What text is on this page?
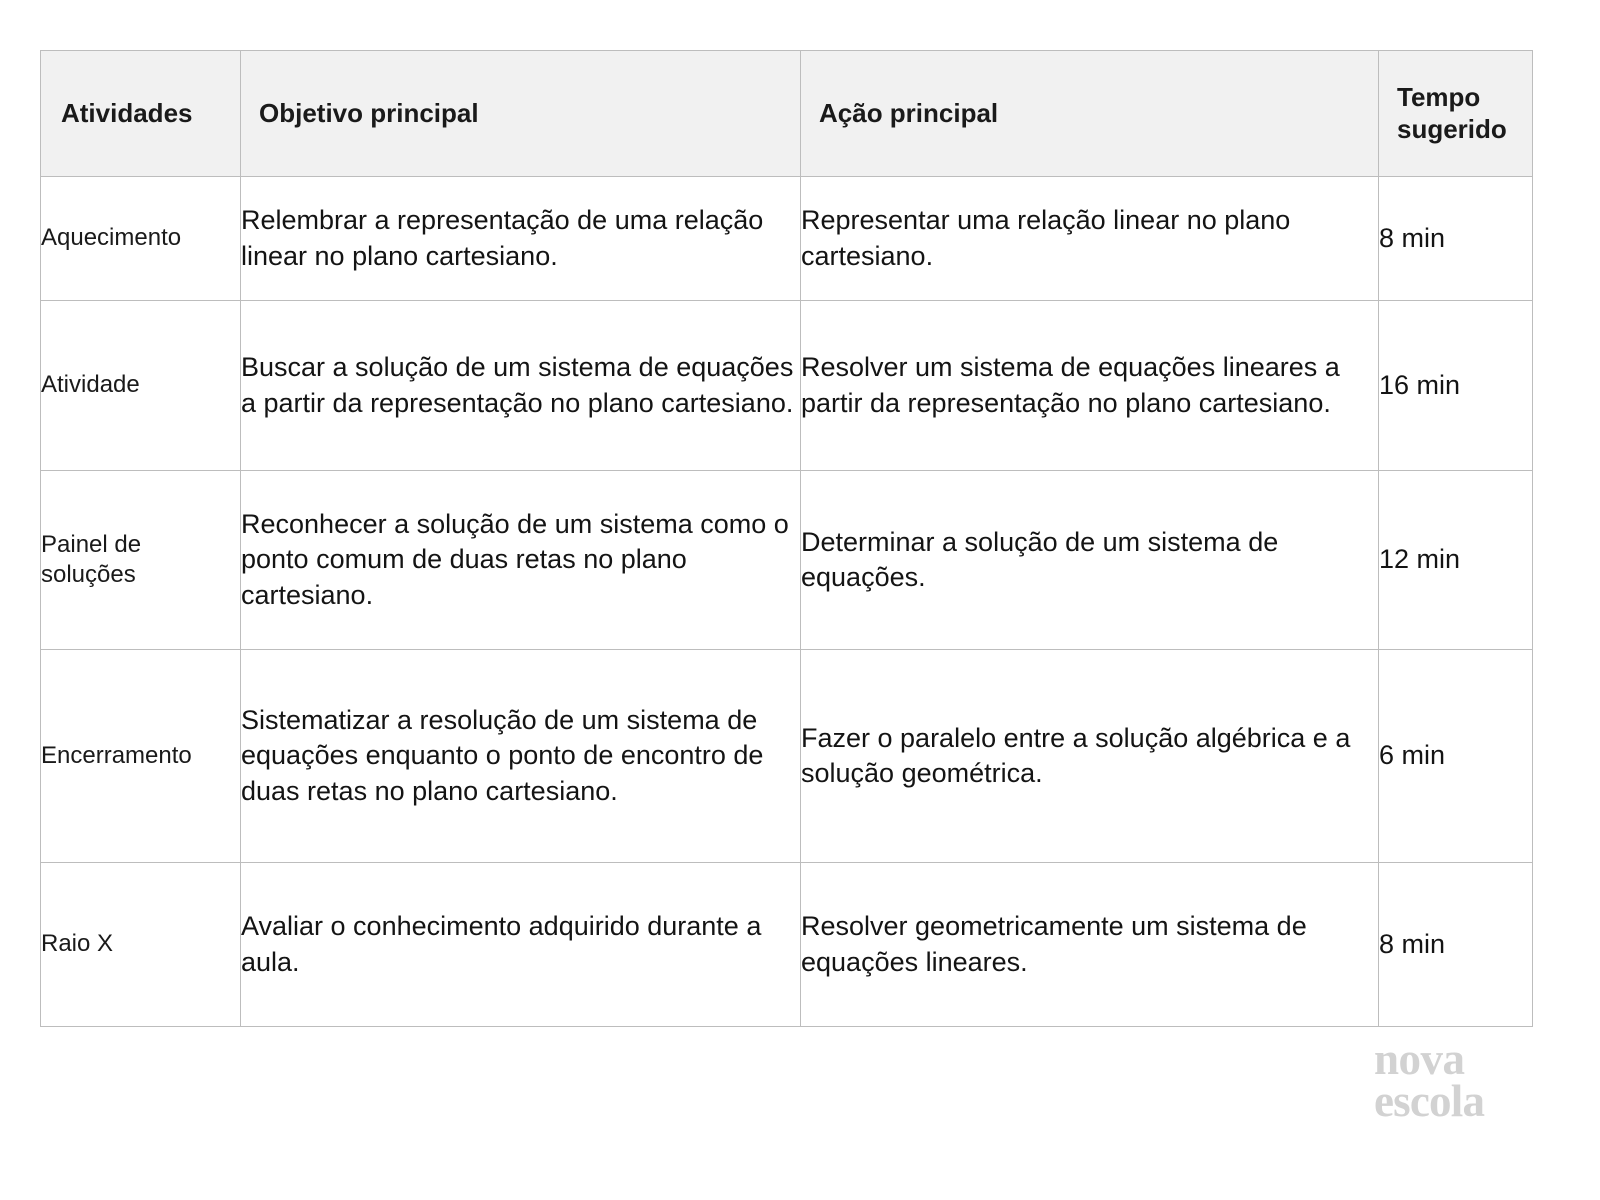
Atividades	Objetivo principal	Ação principal	Tempo sugerido

Aquecimento	Relembrar a representação de uma relação linear no plano cartesiano.	Representar uma relação linear no plano cartesiano.	8 min

Atividade	Buscar a solução de um sistema de equações a partir da representação no plano cartesiano.	Resolver um sistema de equações lineares a partir da representação no plano cartesiano.	16 min

Painel de soluções	Reconhecer a solução de um sistema como o ponto comum de duas retas no plano cartesiano.	Determinar a solução de um sistema de equações.	12 min

Encerramento	Sistematizar a resolução de um sistema de equações enquanto o ponto de encontro de duas retas no plano cartesiano.	Fazer o paralelo entre a solução algébrica e a solução geométrica.	6 min

Raio X	Avaliar o conhecimento adquirido durante a aula.	Resolver geometricamente um sistema de equações lineares.	8 min
nova
escola
